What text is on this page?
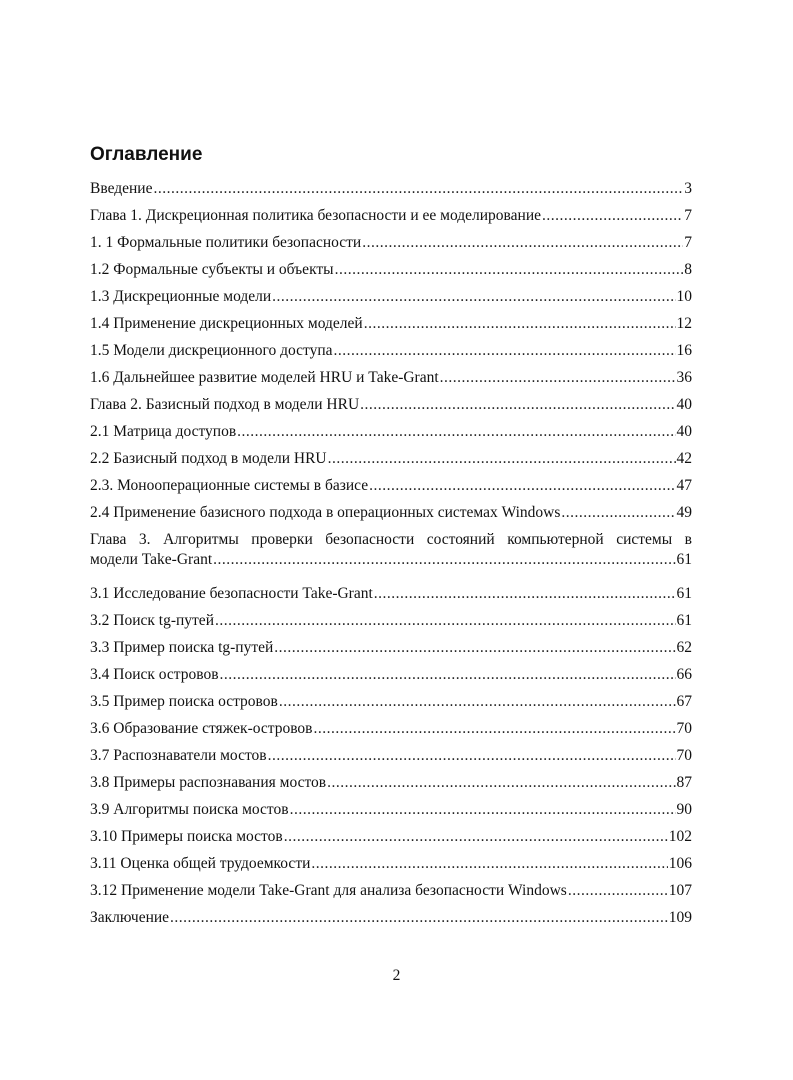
Оглавление
Введение .....	3
Глава 1. Дискреционная политика безопасности и ее моделирование .....	7
1. 1 Формальные политики безопасности .....	7
1.2 Формальные субъекты и объекты .....	8
1.3 Дискреционные модели .....	10
1.4 Применение дискреционных моделей .....	12
1.5 Модели дискреционного доступа .....	16
1.6 Дальнейшее развитие моделей HRU и Take-Grant .....	36
Глава 2. Базисный подход в модели HRU .....	40
2.1 Матрица доступов .....	40
2.2 Базисный подход в модели HRU .....	42
2.3. Монооперационные системы в базисе .....	47
2.4 Применение базисного подхода в операционных системах Windows .....	49
Глава 3. Алгоритмы проверки безопасности состояний компьютерной системы в
модели Take-Grant .....	61
3.1 Исследование безопасности Take-Grant .....	61
3.2 Поиск tg-путей .....	61
3.3 Пример поиска tg-путей .....	62
3.4 Поиск островов .....	66
3.5 Пример поиска островов .....	67
3.6 Образование стяжек-островов .....	70
3.7 Распознаватели мостов .....	70
3.8 Примеры распознавания мостов .....	87
3.9 Алгоритмы поиска мостов .....	90
3.10 Примеры поиска мостов .....	102
3.11 Оценка общей трудоемкости .....	106
3.12 Применение модели Take-Grant для анализа безопасности Windows .....	107
Заключение .....	109
2
